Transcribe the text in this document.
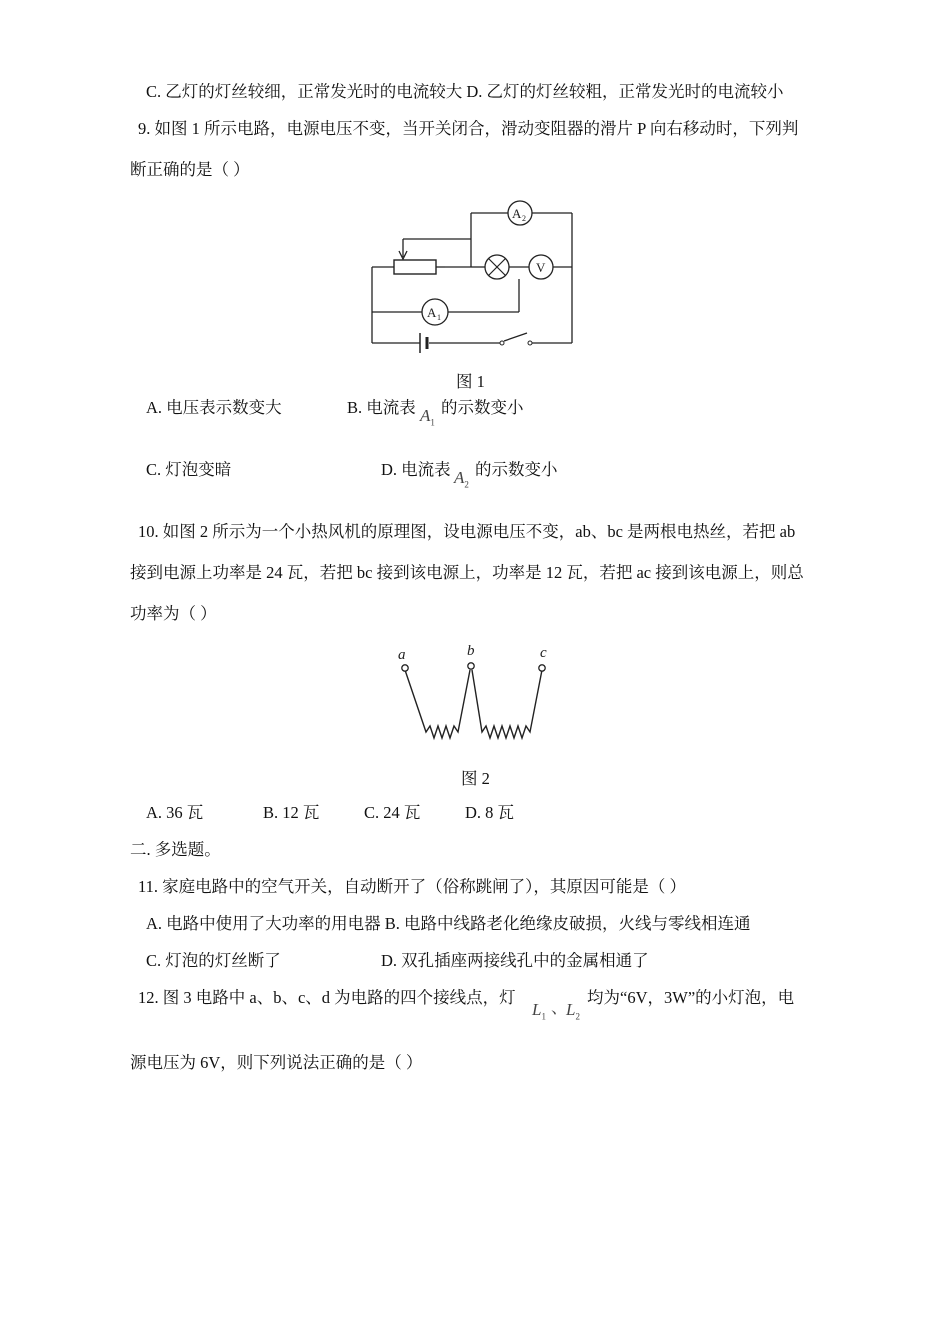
C. 乙灯的灯丝较细，正常发光时的电流较大 D. 乙灯的灯丝较粗，正常发光时的电流较小
9. 如图 1 所示电路，电源电压不变，当开关闭合，滑动变阻器的滑片 P 向右移动时，下列判
断正确的是（ ）
A 2
V
A 1
图 1
A. 电压表示数变大	B. 电流表 $A_1$
的示数变小
C. 灯泡变暗	D. 电流表 $A_2$
的示数变小
10. 如图 2 所示为一个小热风机的原理图，设电源电压不变，ab、bc 是两根电热丝，若把 ab
接到电源上功率是 24 瓦，若把 bc 接到该电源上，功率是 12 瓦，若把 ac 接到该电源上，则总
功率为（ ）
a	b	c
图 2
A. 36 瓦	B. 12 瓦	C. 24 瓦	D. 8 瓦
二. 多选题。
11. 家庭电路中的空气开关，自动断开了（俗称跳闸了），其原因可能是（ ）
A. 电路中使用了大功率的用电器 B. 电路中线路老化绝缘皮破损，火线与零线相连通
C. 灯泡的灯丝断了	D. 双孔插座两接线孔中的金属相通了
12. 图 3 电路中 a、b、c、d 为电路的四个接线点，灯
$L_1$ 、
$L_2$
均为“6V，3W”的小灯泡，电
源电压为 6V，则下列说法正确的是（ ）
